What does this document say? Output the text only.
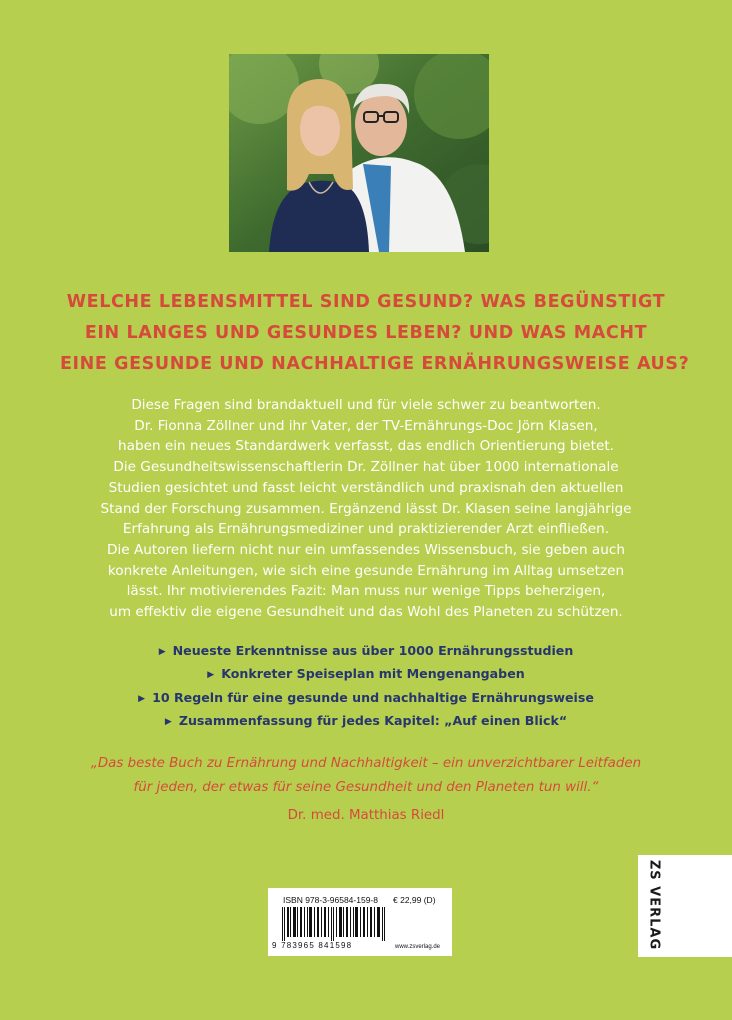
WELCHE LEBENSMITTEL SIND GESUND? WAS BEGÜNSTIGT
EIN LANGES UND GESUNDES LEBEN? UND WAS MACHT
EINE GESUNDE UND NACHHALTIGE ERNÄHRUNGSWEISE AUS?
Diese Fragen sind brandaktuell und für viele schwer zu beantworten.
Dr. Fionna Zöllner und ihr Vater, der TV-Ernährungs-Doc Jörn Klasen,
haben ein neues Standardwerk verfasst, das endlich Orientierung bietet.
Die Gesundheitswissenschaftlerin Dr. Zöllner hat über 1000 internationale
Studien gesichtet und fasst leicht verständlich und praxisnah den aktuellen
Stand der Forschung zusammen. Ergänzend lässt Dr. Klasen seine langjährige
Erfahrung als Ernährungsmediziner und praktizierender Arzt einfließen.
Die Autoren liefern nicht nur ein umfassendes Wissensbuch, sie geben auch
konkrete Anleitungen, wie sich eine gesunde Ernährung im Alltag umsetzen
lässt. Ihr motivierendes Fazit: Man muss nur wenige Tipps beherzigen,
um effektiv die eigene Gesundheit und das Wohl des Planeten zu schützen.
▶ Neueste Erkenntnisse aus über 1000 Ernährungsstudien
▶ Konkreter Speiseplan mit Mengenangaben
▶ 10 Regeln für eine gesunde und nachhaltige Ernährungsweise
▶ Zusammenfassung für jedes Kapitel: „Auf einen Blick“
„Das beste Buch zu Ernährung und Nachhaltigkeit – ein unverzichtbarer Leitfaden
für jeden, der etwas für seine Gesundheit und den Planeten tun will.“
Dr. med. Matthias Riedl
ISBN 978-3-96584-159-8 € 22,99 (D)
9 783965 841598	www.zsverlag.de	ZS VERLAG
